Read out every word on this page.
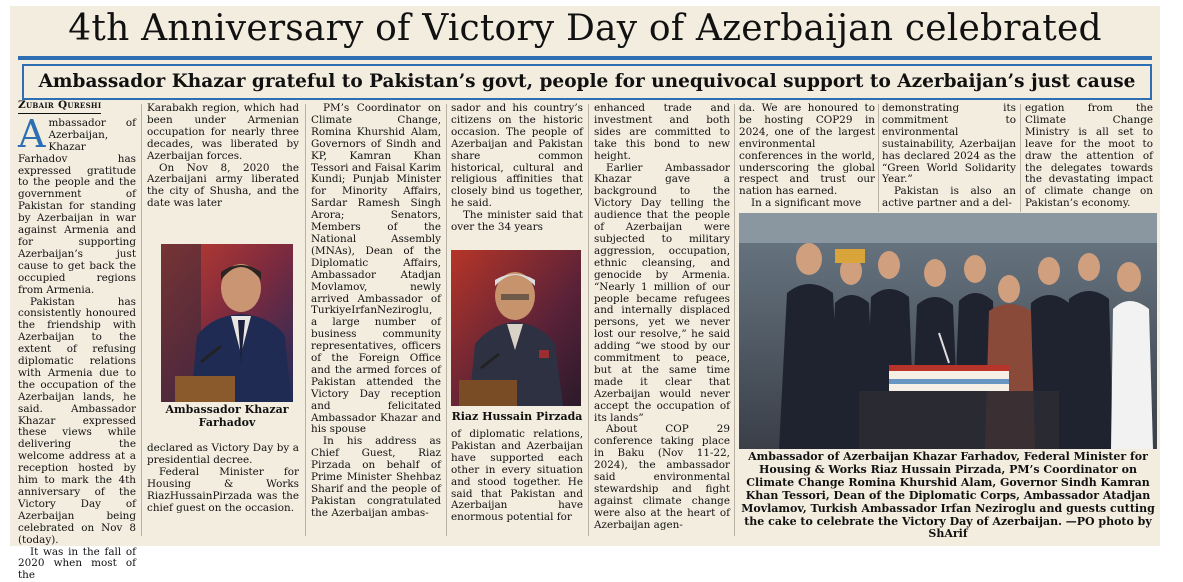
4th Anniversary of Victory Day of Azerbaijan celebrated
Ambassador Khazar grateful to Pakistan’s govt, people for unequivocal support to Azerbaijan’s just cause
Zubair Qureshi

Ambassador of Azerbaijan, Khazar Farhadov has expressed gratitude to the people and the government of Pakistan for standing by Azerbaijan in war against Armenia and for supporting Azerbaijan’s just cause to get back the occupied regions from Armenia.

Pakistan has consistently honoured the friendship with Azerbaijan to the extent of refusing diplomatic relations with Armenia due to the occupation of the Azerbaijan lands, he said. Ambassador Khazar expressed these views while delivering the welcome address at a reception hosted by him to mark the 4th anniversary of the Victory Day of Azerbaijan being celebrated on Nov 8 (today).

It was in the fall of 2020 when most of the

Karabakh region, which had been under Armenian occupation for nearly three decades, was liberated by Azerbaijan forces.

On Nov 8, 2020 the Azerbaijani army liberated the city of Shusha, and the date was later

Ambassador Khazar Farhadov

declared as Victory Day by a presidential decree.

Federal Minister for Housing & Works RiazHussainPirzada was the chief guest on the occasion.

PM’s Coordinator on Climate Change, Romina Khurshid Alam, Governors of Sindh and KP, Kamran Khan Tessori and Faisal Karim Kundi; Punjab Minister for Minority Affairs, Sardar Ramesh Singh Arora; Senators, Members of the National Assembly (MNAs), Dean of the Diplomatic Affairs, Ambassador Atadjan Movlamov, newly arrived Ambassador of TurkiyeIrfanNeziroglu, a large number of business community representatives, officers of the Foreign Office and the armed forces of Pakistan attended the Victory Day reception and felicitated Ambassador Khazar and his spouse

In his address as Chief Guest, Riaz Pirzada on behalf of Prime Minister Shehbaz Sharif and the people of Pakistan congratulated the Azerbaijan ambas-

sador and his country’s citizens on the historic occasion. The people of Azerbaijan and Pakistan share common historical, cultural and religious affinities that closely bind us together, he said.

The minister said that over the 34 years

Riaz Hussain Pirzada

of diplomatic relations, Pakistan and Azerbaijan have supported each other in every situation and stood together. He said that Pakistan and Azerbaijan have enormous potential for

enhanced trade and investment and both sides are committed to take this bond to new height.

Earlier Ambassador Khazar gave a background to the Victory Day telling the audience that the people of Azerbaijan were subjected to military aggression, occupation, ethnic cleansing, and genocide by Armenia. “Nearly 1 million of our people became refugees and internally displaced persons, yet we never lost our resolve,” he said adding “we stood by our commitment to peace, but at the same time made it clear that Azerbaijan would never accept the occupation of its lands”

About COP 29 conference taking place in Baku (Nov 11-22, 2024), the ambassador said environmental stewardship and fight against climate change were also at the heart of Azerbaijan agen-

da. We are honoured to be hosting COP29 in 2024, one of the largest environmental conferences in the world, underscoring the global respect and trust our nation has earned.

In a significant move

demonstrating its commitment to environmental sustainability, Azerbaijan has declared 2024 as the “Green World Solidarity Year.”

Pakistan is also an active partner and a del-

egation from the Climate Change Ministry is all set to leave for the moot to draw the attention of the delegates towards the devastating impact of climate change on Pakistan’s economy.

Ambassador of Azerbaijan Khazar Farhadov, Federal Minister for Housing & Works Riaz Hussain Pirzada, PM’s Coordinator on Climate Change Romina Khurshid Alam, Governor Sindh Kamran Khan Tessori, Dean of the Diplomatic Corps, Ambassador Atadjan Movlamov, Turkish Ambassador Irfan Neziroglu and guests cutting the cake to celebrate the Victory Day of Azerbaijan. —PO photo by ShArif
